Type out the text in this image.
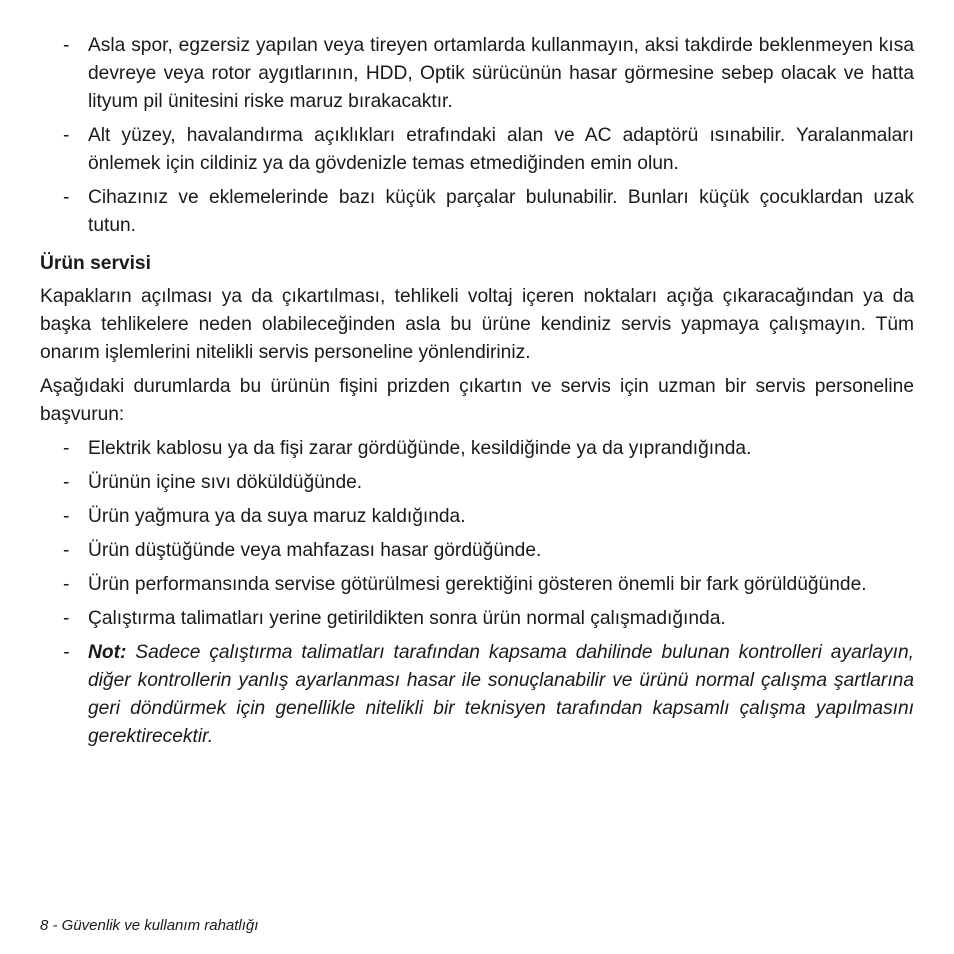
- Asla spor, egzersiz yapılan veya tireyen ortamlarda kullanmayın, aksi takdirde beklenmeyen kısa devreye veya rotor aygıtlarının, HDD, Optik sürücünün hasar görmesine sebep olacak ve hatta lityum pil ünitesini riske maruz bırakacaktır.
- Alt yüzey, havalandırma açıklıkları etrafındaki alan ve AC adaptörü ısınabilir. Yaralanmaları önlemek için cildiniz ya da gövdenizle temas etmediğinden emin olun.
- Cihazınız ve eklemelerinde bazı küçük parçalar bulunabilir. Bunları küçük çocuklardan uzak tutun.
Ürün servisi

Kapakların açılması ya da çıkartılması, tehlikeli voltaj içeren noktaları açığa çıkaracağından ya da başka tehlikelere neden olabileceğinden asla bu ürüne kendiniz servis yapmaya çalışmayın. Tüm onarım işlemlerini nitelikli servis personeline yönlendiriniz.

Aşağıdaki durumlarda bu ürünün fişini prizden çıkartın ve servis için uzman bir servis personeline başvurun:

- Elektrik kablosu ya da fişi zarar gördüğünde, kesildiğinde ya da yıprandığında.
- Ürünün içine sıvı döküldüğünde.
- Ürün yağmura ya da suya maruz kaldığında.
- Ürün düştüğünde veya mahfazası hasar gördüğünde.
- Ürün performansında servise götürülmesi gerektiğini gösteren önemli bir fark görüldüğünde.
- Çalıştırma talimatları yerine getirildikten sonra ürün normal çalışmadığında.
- Not: Sadece çalıştırma talimatları tarafından kapsama dahilinde bulunan kontrolleri ayarlayın, diğer kontrollerin yanlış ayarlanması hasar ile sonuçlanabilir ve ürünü normal çalışma şartlarına geri döndürmek için genellikle nitelikli bir teknisyen tarafından kapsamlı çalışma yapılmasını gerektirecektir.
8 - Güvenlik ve kullanım rahatlığı
